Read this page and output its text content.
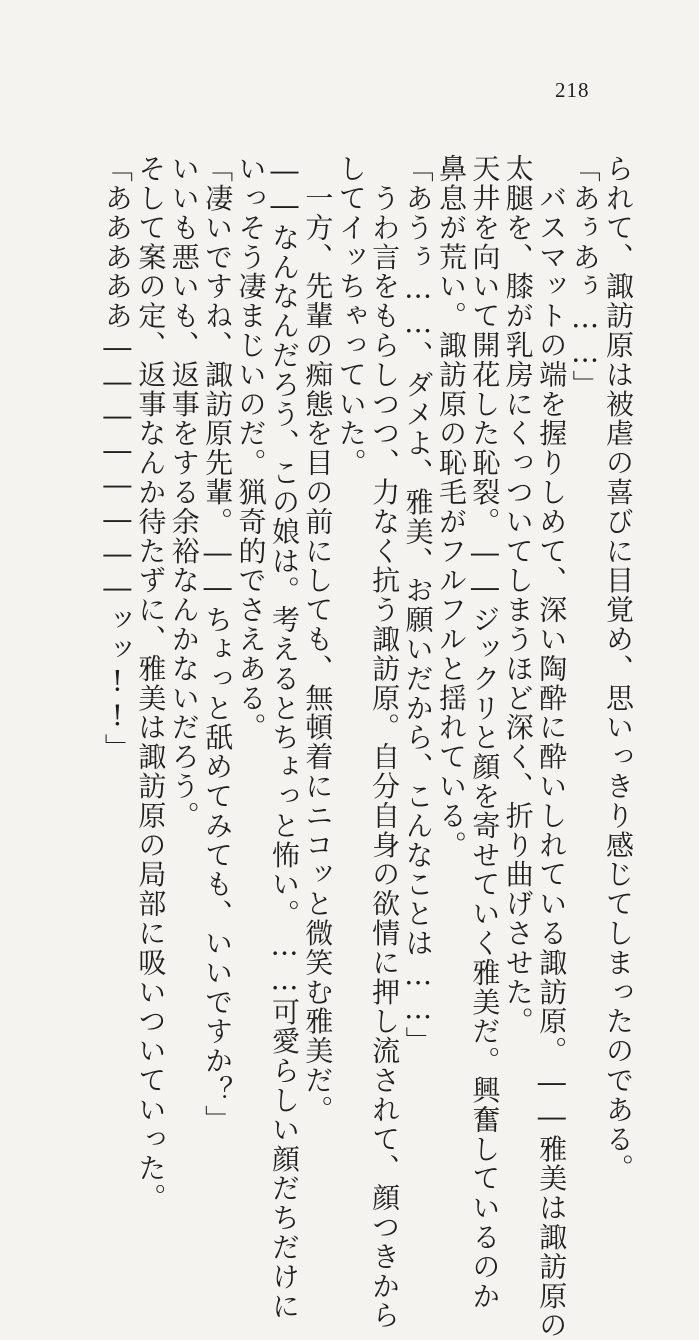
218
られて、諏訪原は被虐の喜びに目覚め、思いっきり感じてしまったのである。
「あぅあぅ……」
　バスマットの端を握りしめて、深い陶酔に酔いしれている諏訪原。――雅美は諏訪原の
太腿を、膝が乳房にくっついてしまうほど深く、折り曲げさせた。
天井を向いて開花した恥裂。――ジックリと顔を寄せていく雅美だ。興奮しているのか
鼻息が荒い。諏訪原の恥毛がフルフルと揺れている。
「あうぅ……、ダメよ、雅美、お願いだから、こんなことは……」
　うわ言をもらしつつ、力なく抗う諏訪原。自分自身の欲情に押し流されて、顔つきから
してイッちゃっていた。
　一方、先輩の痴態を目の前にしても、無頓着にニコッと微笑む雅美だ。
――なんなんだろう、この娘は。考えるとちょっと怖い。……可愛らしい顔だちだけに
いっそう凄まじいのだ。猟奇的でさえある。
「凄いですね、諏訪原先輩。――ちょっと舐めてみても、いいですか？」
いいも悪いも、返事をする余裕なんかないだろう。
そして案の定、返事なんか待たずに、雅美は諏訪原の局部に吸いついていった。
「あああああ――――――――ッッ!!」
